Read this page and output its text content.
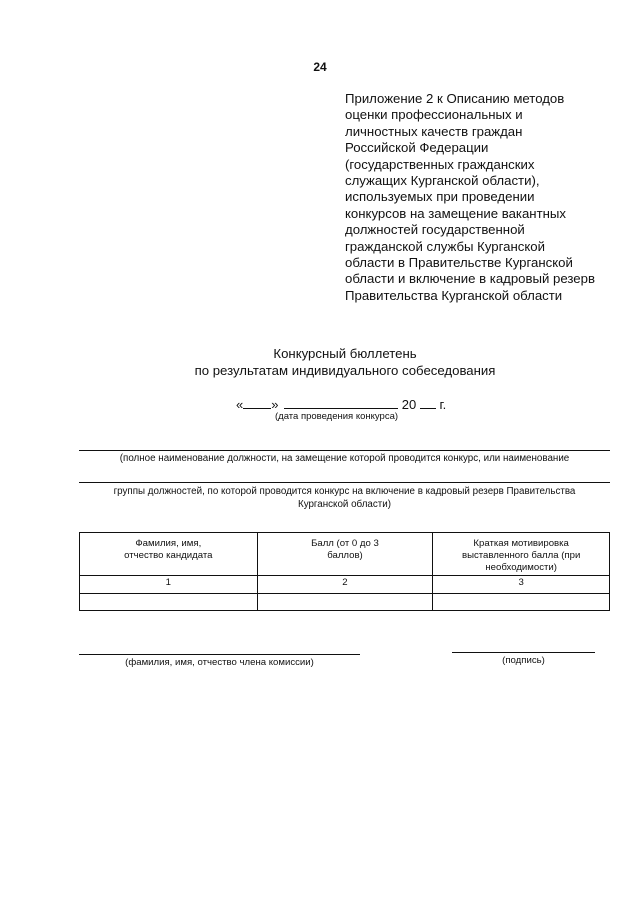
24
Приложение 2 к Описанию методов
оценки профессиональных и
личностных качеств граждан
Российской Федерации
(государственных гражданских
служащих Курганской области),
используемых при проведении
конкурсов на замещение вакантных
должностей государственной
гражданской службы Курганской
области в Правительстве Курганской
области и включение в кадровый резерв
Правительства Курганской области
Конкурсный бюллетень
по результатам индивидуального собеседования
« »	20 г.
(дата проведения конкурса)
(полное наименование должности, на замещение которой проводится конкурс, или наименование
группы должностей, по которой проводится конкурс на включение в кадровый резерв Правительства
Курганской области)
Фамилия, имя, отчество кандидата	Балл (от 0 до 3 баллов)	Краткая мотивировка выставленного балла (при необходимости)

1	2	3

(фамилия, имя, отчество члена комиссии)	(подпись)
